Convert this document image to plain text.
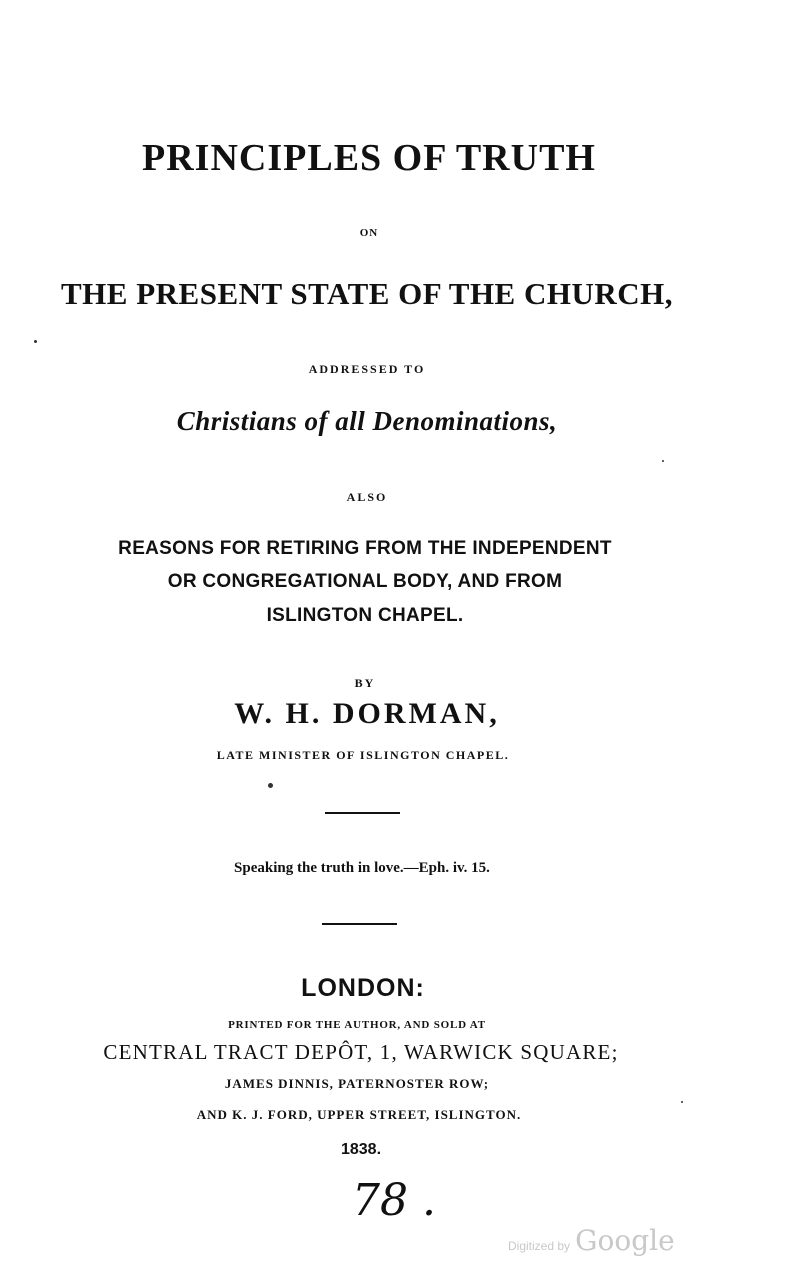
PRINCIPLES OF TRUTH
ON
THE PRESENT STATE OF THE CHURCH,
ADDRESSED TO
Christians of all Denominations,
ALSO
REASONS FOR RETIRING FROM THE INDEPENDENT
OR CONGREGATIONAL BODY, AND FROM
ISLINGTON CHAPEL.
BY
W. H. DORMAN,
LATE MINISTER OF ISLINGTON CHAPEL.
Speaking the truth in love.—Eph. iv. 15.
LONDON:
PRINTED FOR THE AUTHOR, AND SOLD AT
CENTRAL TRACT DEPÔT, 1, WARWICK SQUARE;
JAMES DINNIS, PATERNOSTER ROW;
AND K. J. FORD, UPPER STREET, ISLINGTON.
1838.
78 .
Digitized by Google
